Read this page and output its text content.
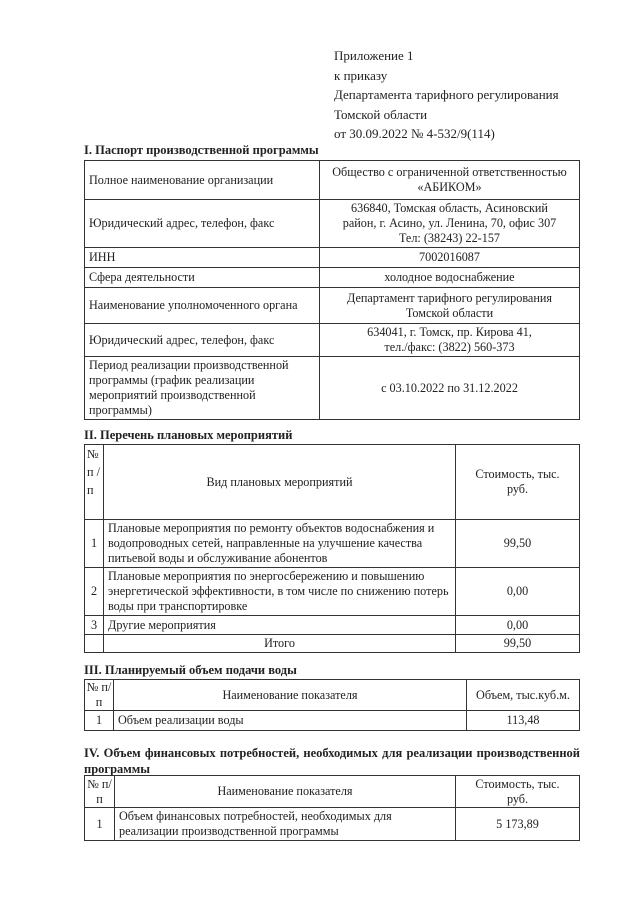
Приложение 1
к приказу
Департамента тарифного регулирования
Томской области
от 30.09.2022 № 4-532/9(114)
I. Паспорт производственной программы
Полное наименование организации	Общество с ограниченной ответственностью
«АБИКОМ»

Юридический адрес, телефон, факс	636840, Томская область, Асиновский
район, г. Асино, ул. Ленина, 70, офис 307
Тел: (38243) 22-157

ИНН	7002016087

Сфера деятельности	холодное водоснабжение

Наименование уполномоченного органа	Департамент тарифного регулирования
Томской области

Юридический адрес, телефон, факс	634041, г. Томск, пр. Кирова 41,
тел./факс: (3822) 560-373

Период реализации производственной программы (график реализации мероприятий производственной программы)	с 03.10.2022 по 31.12.2022
II. Перечень плановых мероприятий
№ п / п	Вид плановых мероприятий	Стоимость, тыс. руб.
1	Плановые мероприятия по ремонту объектов водоснабжения и водопроводных сетей, направленные на улучшение качества питьевой воды и обслуживание абонентов	99,50
2	Плановые мероприятия по энергосбережению и повышению энергетической эффективности, в том числе по снижению потерь воды при транспортировке	0,00
3	Другие мероприятия	0,00
	Итого	99,50
III. Планируемый объем подачи воды
№ п/п	Наименование показателя	Объем, тыс.куб.м.
1	Объем реализации воды	113,48
IV. Объем финансовых потребностей, необходимых для реализации производственной программы
№ п/п	Наименование показателя	Стоимость, тыс. руб.
1	Объем финансовых потребностей, необходимых для реализации производственной программы	5 173,89
